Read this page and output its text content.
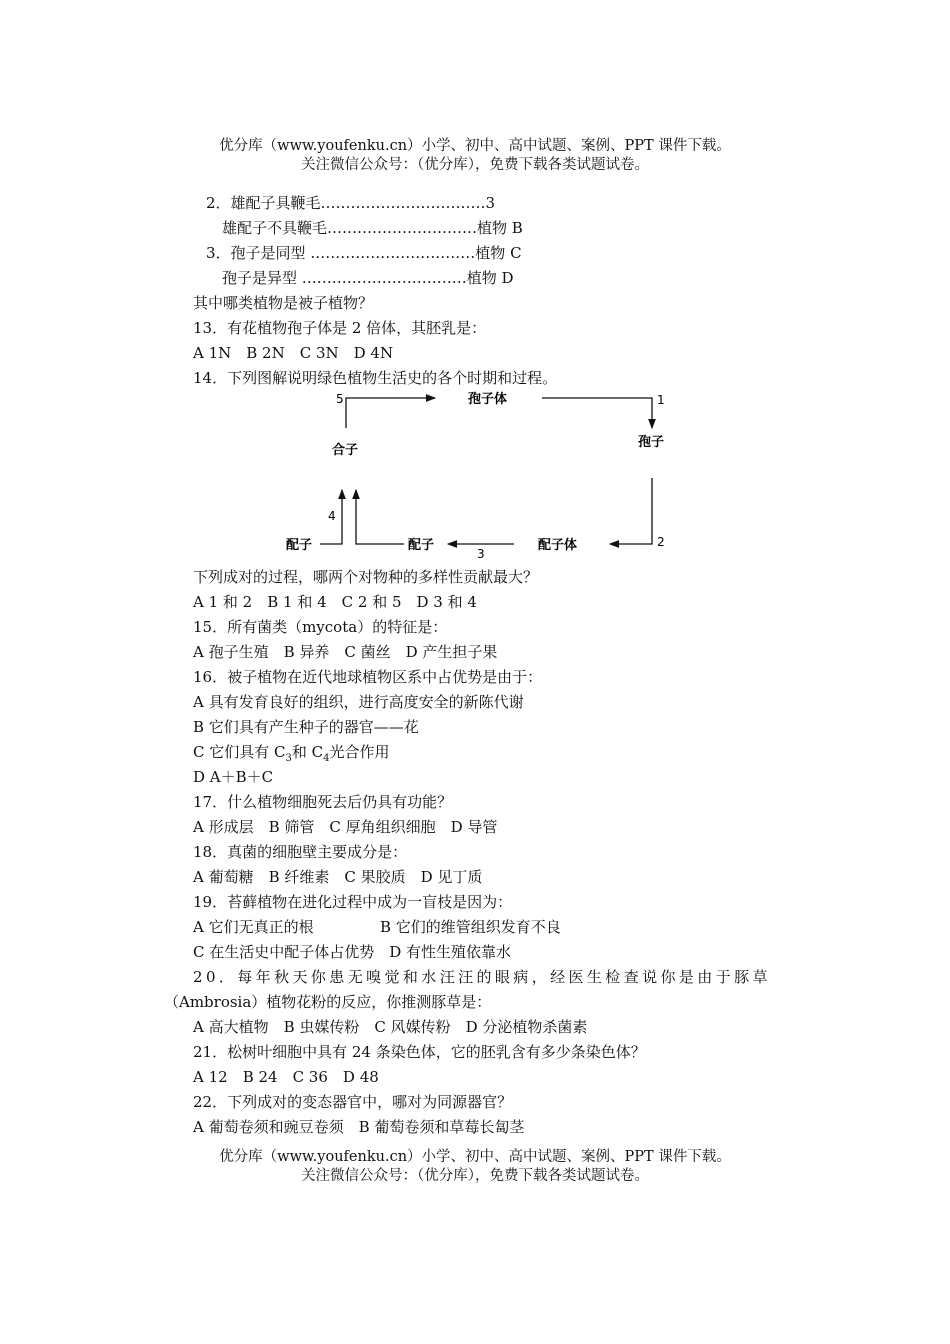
优分库（www.youfenku.cn）小学、初中、高中试题、案例、PPT 课件下载。
关注微信公众号：（优分库），免费下载各类试题试卷。
2．雄配子具鞭毛……………………………3
雄配子不具鞭毛…………………………植物 B
3．孢子是同型 ……………………………植物 C
孢子是异型 ……………………………植物 D
其中哪类植物是被子植物？
13．有花植物孢子体是 2 倍体，其胚乳是：
A 1N　B 2N　C 3N　D 4N
14．下列图解说明绿色植物生活史的各个时期和过程。
孢子体
孢子
合子
配子体
配子
配子
1
2
3
4
5
下列成对的过程，哪两个对物种的多样性贡献最大？
A 1 和 2　B 1 和 4　C 2 和 5　D 3 和 4
15．所有菌类（mycota）的特征是：
A 孢子生殖　B 异养　C 菌丝　D 产生担子果
16．被子植物在近代地球植物区系中占优势是由于：
A 具有发育良好的组织，进行高度安全的新陈代谢
B 它们具有产生种子的器官——花
C 它们具有 $C_3$和 $C_4$光合作用
D A＋B＋C
17．什么植物细胞死去后仍具有功能？
A 形成层　B 筛管　C 厚角组织细胞　D 导管
18．真菌的细胞壁主要成分是：
A 葡萄糖　B 纤维素　C 果胶质　D 见丁质
19．苔藓植物在进化过程中成为一盲枝是因为：
A 它们无真正的根	B 它们的维管组织发育不良
C 在生活史中配子体占优势　D 有性生殖依靠水
20．每年秋天你患无嗅觉和水汪汪的眼病，经医生检查说你是由于豚草
（Ambrosia）植物花粉的反应，你推测豚草是：
A 高大植物　B 虫媒传粉　C 风媒传粉　D 分泌植物杀菌素
21．松树叶细胞中具有 24 条染色体，它的胚乳含有多少条染色体？
A 12　B 24　C 36　D 48
22．下列成对的变态器官中，哪对为同源器官？
A 葡萄卷须和豌豆卷须　B 葡萄卷须和草莓长匐茎
优分库（www.youfenku.cn）小学、初中、高中试题、案例、PPT 课件下载。
关注微信公众号：（优分库），免费下载各类试题试卷。
